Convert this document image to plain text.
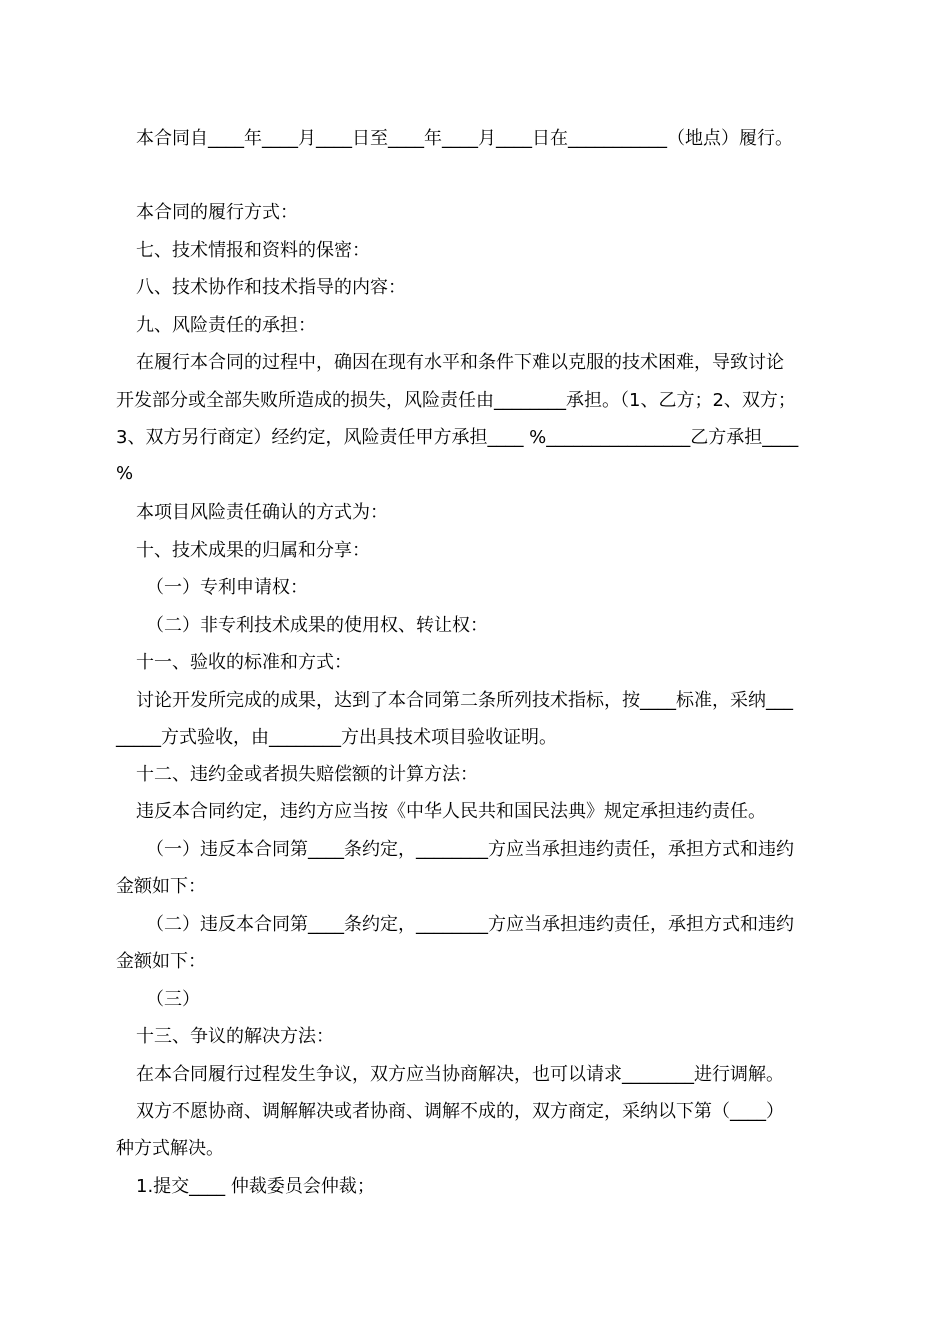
本合同自____年____月____日至____年____月____日在___________（地点）履行。
本合同的履行方式：
七、技术情报和资料的保密：
八、技术协作和技术指导的内容：
九、风险责任的承担：
在履行本合同的过程中，确因在现有水平和条件下难以克服的技术困难，导致讨论
开发部分或全部失败所造成的损失，风险责任由________承担。（1、乙方；2、双方；
3、双方另行商定）经约定，风险责任甲方承担____ %________________乙方承担____
%
本项目风险责任确认的方式为：
十、技术成果的归属和分享：
（一）专利申请权：
（二）非专利技术成果的使用权、转让权：
十一、验收的标准和方式：
讨论开发所完成的成果，达到了本合同第二条所列技术指标，按____标准，采纳___
_____方式验收，由________方出具技术项目验收证明。
十二、违约金或者损失赔偿额的计算方法：
违反本合同约定，违约方应当按《中华人民共和国民法典》规定承担违约责任。
（一）违反本合同第____条约定，________方应当承担违约责任，承担方式和违约
金额如下：
（二）违反本合同第____条约定，________方应当承担违约责任，承担方式和违约
金额如下：
（三）
十三、争议的解决方法：
在本合同履行过程发生争议，双方应当协商解决，也可以请求________进行调解。
双方不愿协商、调解解决或者协商、调解不成的，双方商定，采纳以下第（____）
种方式解决。
1.提交____ 仲裁委员会仲裁；
